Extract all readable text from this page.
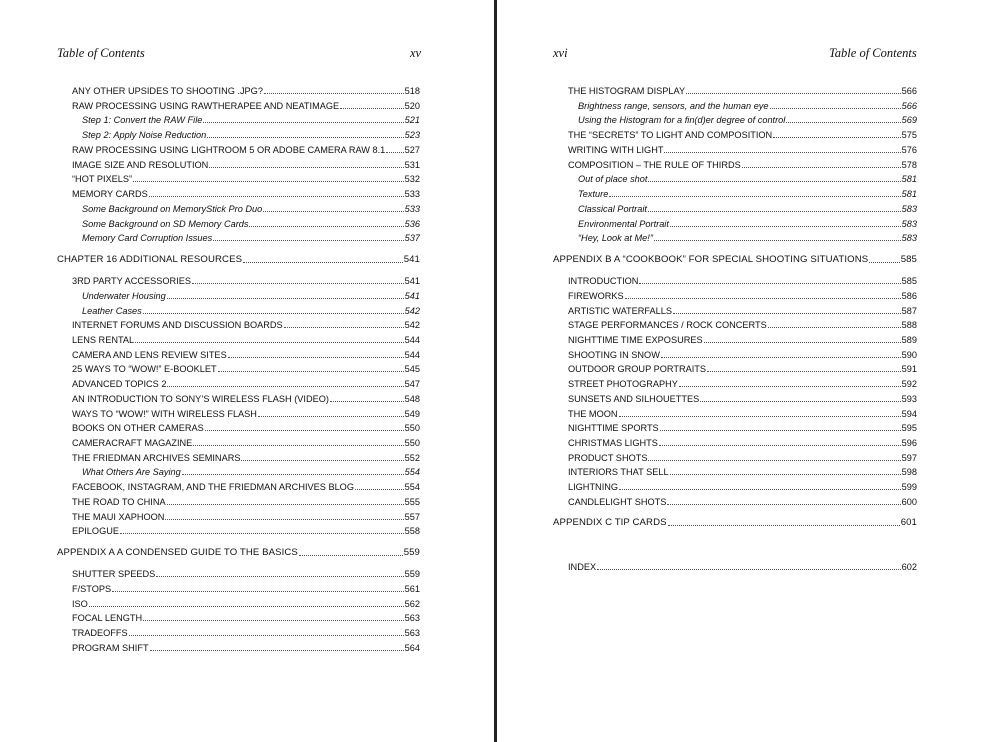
Table of Contents	xv
ANY OTHER UPSIDES TO SHOOTING .JPG?	518
RAW PROCESSING USING RAWTHERAPEE AND NEATIMAGE	520
Step 1: Convert the RAW File	521
Step 2: Apply Noise Reduction	523
RAW PROCESSING USING LIGHTROOM 5 OR ADOBE CAMERA RAW 8.1 527
IMAGE SIZE AND RESOLUTION	531
“HOT PIXELS”	532
MEMORY CARDS	533
Some Background on MemoryStick Pro Duo	533
Some Background on SD Memory Cards	536
Memory Card Corruption Issues	537
CHAPTER 16 ADDITIONAL RESOURCES	541
3RD PARTY ACCESSORIES	541
Underwater Housing	541
Leather Cases	542
INTERNET FORUMS AND DISCUSSION BOARDS	542
LENS RENTAL	544
CAMERA AND LENS REVIEW SITES	544
25 WAYS TO “WOW!” E-BOOKLET	545
ADVANCED TOPICS 2	547
AN INTRODUCTION TO SONY’S WIRELESS FLASH (VIDEO)	548
WAYS TO “WOW!” WITH WIRELESS FLASH	549
BOOKS ON OTHER CAMERAS	550
CAMERACRAFT MAGAZINE	550
THE FRIEDMAN ARCHIVES SEMINARS	552
What Others Are Saying	554
FACEBOOK, INSTAGRAM, AND THE FRIEDMAN ARCHIVES BLOG	554
THE ROAD TO CHINA	555
THE MAUI XAPHOON	557
EPILOGUE	558
APPENDIX A A CONDENSED GUIDE TO THE BASICS	559
SHUTTER SPEEDS	559
F/STOPS	561
ISO	562
FOCAL LENGTH	563
TRADEOFFS	563
PROGRAM SHIFT	564
xvi	Table of Contents
THE HISTOGRAM DISPLAY	566
Brightness range, sensors, and the human eye	566
Using the Histogram for a fin(d)er degree of control	569
THE “SECRETS” TO LIGHT AND COMPOSITION	575
WRITING WITH LIGHT	576
COMPOSITION – THE RULE OF THIRDS	578
Out of place shot	581
Texture	581
Classical Portrait	583
Environmental Portrait	583
“Hey, Look at Me!”	583
APPENDIX B A “COOKBOOK” FOR SPECIAL SHOOTING SITUATIONS	585
INTRODUCTION	585
FIREWORKS	586
ARTISTIC WATERFALLS	587
STAGE PERFORMANCES / ROCK CONCERTS	588
NIGHTTIME TIME EXPOSURES	589
SHOOTING IN SNOW	590
OUTDOOR GROUP PORTRAITS	591
STREET PHOTOGRAPHY	592
SUNSETS AND SILHOUETTES	593
THE MOON	594
NIGHTTIME SPORTS	595
CHRISTMAS LIGHTS	596
PRODUCT SHOTS	597
INTERIORS THAT SELL	598
LIGHTNING	599
CANDLELIGHT SHOTS	600
APPENDIX C TIP CARDS	601
INDEX	602
